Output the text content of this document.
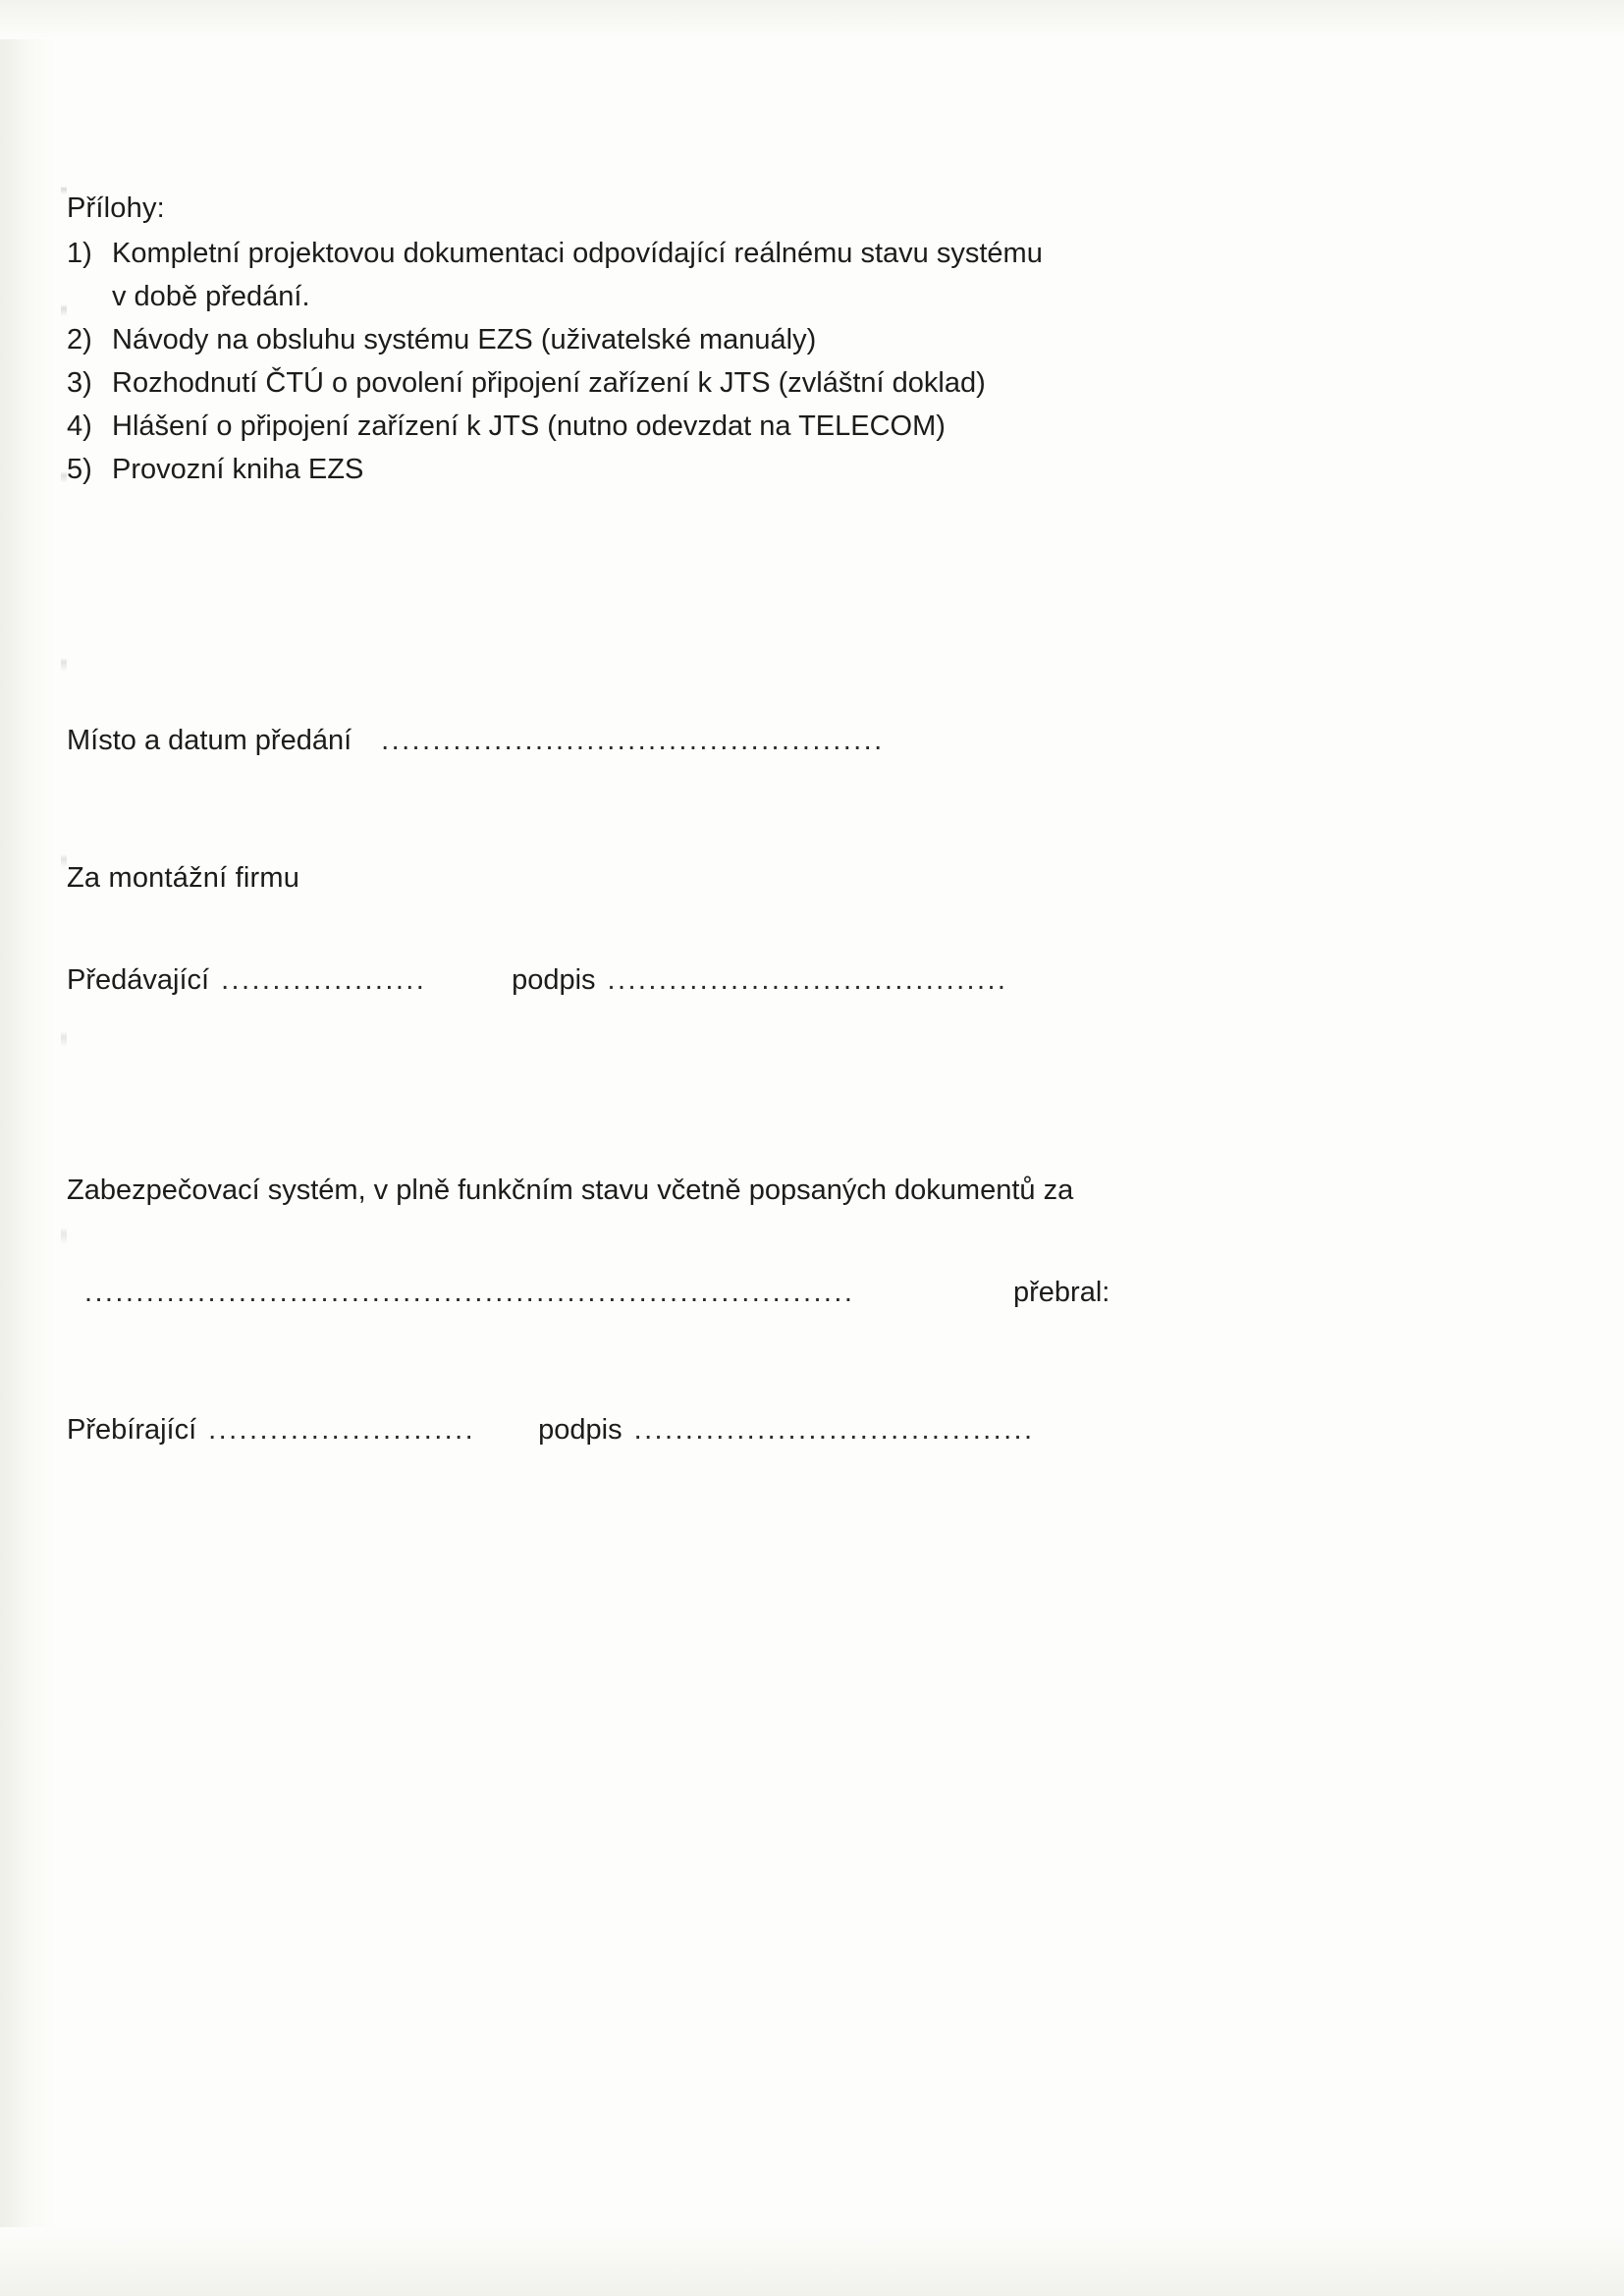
Přílohy:
1) Kompletní projektovou dokumentaci odpovídající reálnému stavu systému
v době předání.
2) Návody na obsluhu systému EZS (uživatelské manuály)
3) Rozhodnutí ČTÚ o povolení připojení zařízení k JTS (zvláštní doklad)
4) Hlášení o připojení zařízení k JTS (nutno odevzdat na TELECOM)
5) Provozní kniha EZS
Místo a datum předání .................................................
Za montážní firmu
Předávající ....................	podpis .......................................
Zabezpečovací systém, v plně funkčním stavu včetně popsaných dokumentů za
...........................................................................	přebral:
Přebírající ..........................	podpis .......................................
